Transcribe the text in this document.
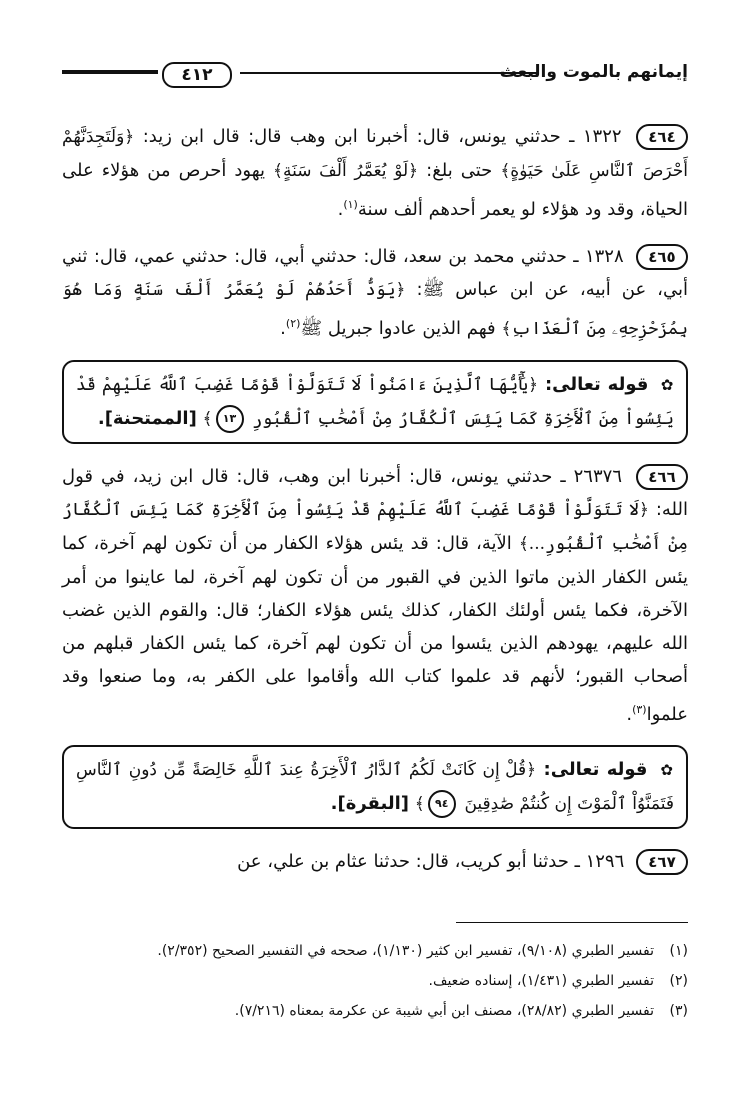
إيمانهم بالموت والبعث
٤١٢

٤٦٤ ١٣٢٢ ـ حدثني يونس، قال: أخبرنا ابن وهب قال: قال ابن زيد: ﴿وَلَتَجِدَنَّهُمْ أَحْرَصَ ٱلنَّاسِ عَلَىٰ حَيَوٰةٍ﴾ حتى بلغ: ﴿لَوْ يُعَمَّرُ أَلْفَ سَنَةٍ﴾ يهود أحرص من هؤلاء على الحياة، وقد ود هؤلاء لو يعمر أحدهم ألف سنة$^{(١)}$.

٤٦٥ ١٣٢٨ ـ حدثني محمد بن سعد، قال: حدثني أبي، قال: حدثني عمي، قال: ثني أبي، عن أبيه، عن ابن عباس ﷺ: ﴿يَوَدُّ أَحَدُهُمْ لَوْ يُعَمَّرُ أَلْفَ سَنَةٍ وَمَا هُوَ بِمُزَحْزِحِهِۦ مِنَ ٱلْعَذَابِ﴾ فهم الذين عادوا جبريل ﷺ$^{(٢)}$.

✿ قوله تعالى: ﴿يَٰٓأَيُّهَا ٱلَّذِينَ ءَامَنُواْ لَا تَتَوَلَّوْاْ قَوْمًا غَضِبَ ٱللَّهُ عَلَيْهِمْ قَدْ يَئِسُواْ مِنَ ٱلْأَخِرَةِ كَمَا يَئِسَ ٱلْكُفَّارُ مِنْ أَصْحَٰبِ ٱلْقُبُورِ ١٣﴾ [الممتحنة].

٤٦٦ ٢٦٣٧٦ ـ حدثني يونس، قال: أخبرنا ابن وهب، قال: قال ابن زيد، في قول الله: ﴿لَا تَتَوَلَّوْاْ قَوْمًا غَضِبَ ٱللَّهُ عَلَيْهِمْ قَدْ يَئِسُواْ مِنَ ٱلْأَخِرَةِ كَمَا يَئِسَ ٱلْكُفَّارُ مِنْ أَصْحَٰبِ ٱلْقُبُورِ...﴾ الآية، قال: قد يئس هؤلاء الكفار من أن تكون لهم آخرة، كما يئس الكفار الذين ماتوا الذين في القبور من أن تكون لهم آخرة، لما عاينوا من أمر الآخرة، فكما يئس أولئك الكفار، كذلك يئس هؤلاء الكفار؛ قال: والقوم الذين غضب الله عليهم، يهودهم الذين يئسوا من أن تكون لهم آخرة، كما يئس الكفار قبلهم من أصحاب القبور؛ لأنهم قد علموا كتاب الله وأقاموا على الكفر به، وما صنعوا وقد علموا$^{(٣)}$.

✿ قوله تعالى: ﴿قُلْ إِن كَانَتْ لَكُمُ ٱلدَّارُ ٱلْأَخِرَةُ عِندَ ٱللَّهِ خَالِصَةً مِّن دُونِ ٱلنَّاسِ فَتَمَنَّوُاْ ٱلْمَوْتَ إِن كُنتُمْ صَٰدِقِينَ ٩٤﴾ [البقرة].

٤٦٧ ١٢٩٦ ـ حدثنا أبو كريب، قال: حدثنا عثام بن علي، عن

(١)
تفسير الطبري (٩/١٠٨)، تفسير ابن كثير (١/١٣٠)، صححه في التفسير الصحيح (٢/٣٥٢).
(٢)
تفسير الطبري (١/٤٣١)، إسناده ضعيف.
(٣)
تفسير الطبري (٢٨/٨٢)، مصنف ابن أبي شيبة عن عكرمة بمعناه (٧/٢١٦).
